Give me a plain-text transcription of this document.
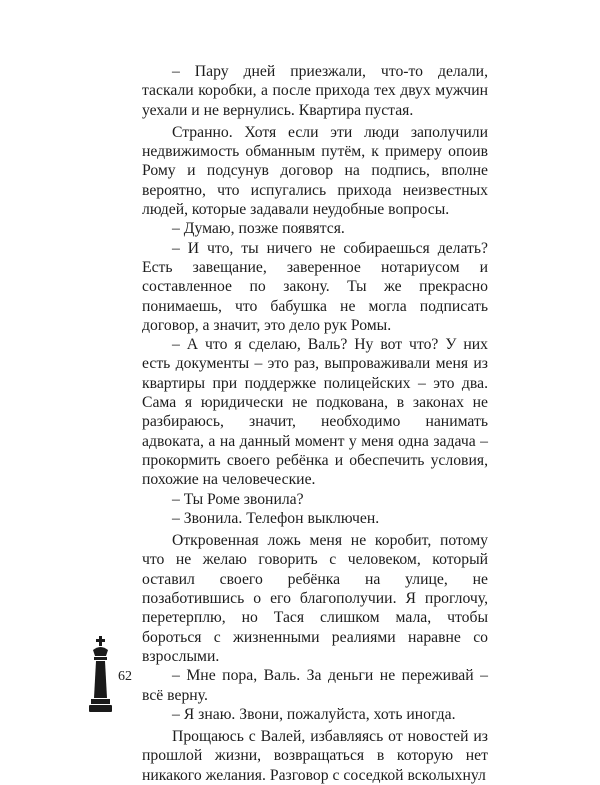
– Пару дней приезжали, что-то делали, таскали коробки, а после прихода тех двух мужчин уехали и не вернулись. Квартира пустая.

Странно. Хотя если эти люди заполучили недвижимость обманным путём, к примеру опоив Рому и подсунув договор на подпись, вполне вероятно, что испугались прихода неизвестных людей, которые задавали неудобные вопросы.

– Думаю, позже появятся.

– И что, ты ничего не собираешься делать? Есть завещание, заверенное нотариусом и составленное по закону. Ты же прекрасно понимаешь, что бабушка не могла подписать договор, а значит, это дело рук Ромы.

– А что я сделаю, Валь? Ну вот что? У них есть документы – это раз, выпроваживали меня из квартиры при поддержке полицейских – это два. Сама я юридически не подкована, в законах не разбираюсь, значит, необходимо нанимать адвоката, а на данный момент у меня одна задача – прокормить своего ребёнка и обеспечить условия, похожие на человеческие.

– Ты Роме звонила?

– Звонила. Телефон выключен.

Откровенная ложь меня не коробит, потому что не желаю говорить с человеком, который оставил своего ребёнка на улице, не позаботившись о его благополучии. Я проглочу, перетерплю, но Тася слишком мала, чтобы бороться с жизненными реалиями наравне со взрослыми.

– Мне пора, Валь. За деньги не переживай – всё верну.

– Я знаю. Звони, пожалуйста, хоть иногда.

Прощаюсь с Валей, избавляясь от новостей из прошлой жизни, возвращаться в которую нет никакого желания. Разговор с соседкой всколыхнул

62
